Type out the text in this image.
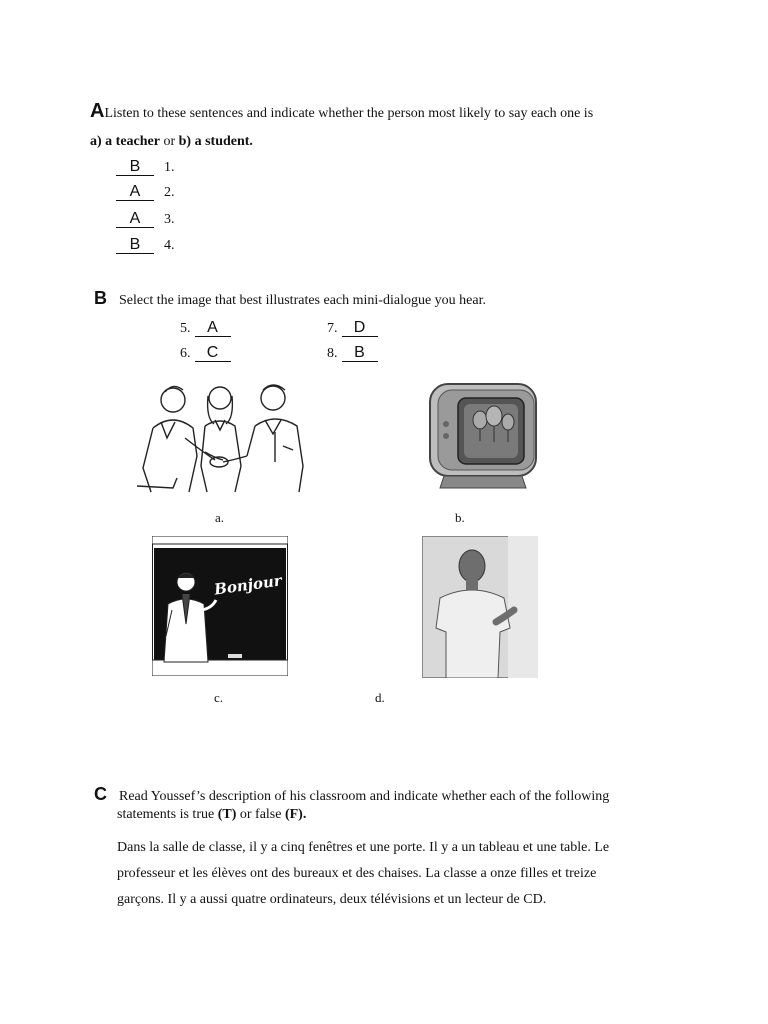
AListen to these sentences and indicate whether the person most likely to say each one is
a) a teacher or b) a student.
B 1.
A 2.
A 3.
B 4.
B Select the image that best illustrates each mini-dialogue you hear.
5. A
6. C
7. D
8. B
a.	b.
Bonjour
c.	d.
C Read Youssef’s description of his classroom and indicate whether each of the following
statements is true (T) or false (F).
Dans la salle de classe, il y a cinq fenêtres et une porte. Il y a un tableau et une table. Le
professeur et les élèves ont des bureaux et des chaises. La classe a onze filles et treize
garçons. Il y a aussi quatre ordinateurs, deux télévisions et un lecteur de CD.
